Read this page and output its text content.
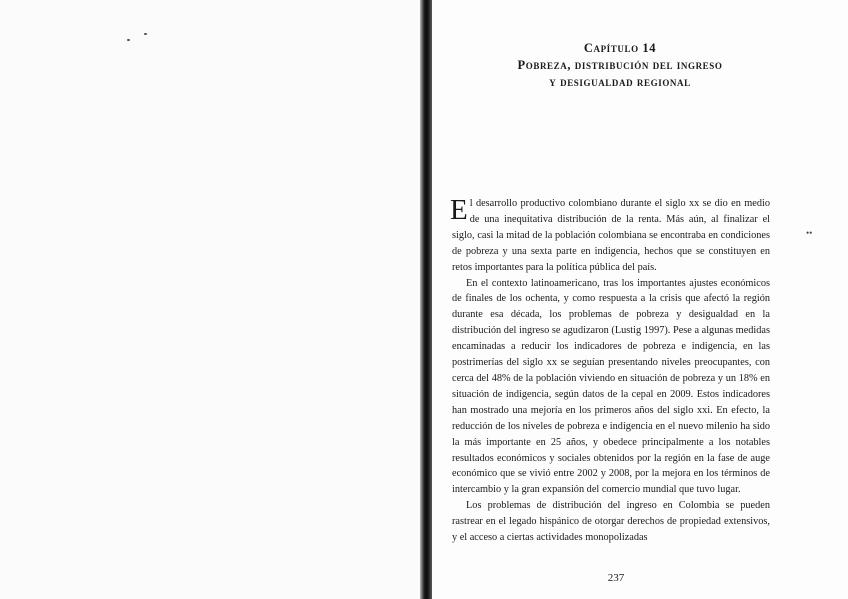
Capítulo 14
Pobreza, distribución del ingreso
y desigualdad regional

El desarrollo productivo colombiano durante el siglo xx se dio en medio de una inequitativa distribución de la renta. Más aún, al finalizar el siglo, casi la mitad de la población colombiana se encontraba en condiciones de pobreza y una sexta parte en indigencia, hechos que se constituyen en retos importantes para la política pública del país.

En el contexto latinoamericano, tras los importantes ajustes económicos de finales de los ochenta, y como respuesta a la crisis que afectó la región durante esa década, los problemas de pobreza y desigualdad en la distribución del ingreso se agudizaron (Lustig 1997). Pese a algunas medidas encaminadas a reducir los indicadores de pobreza e indigencia, en las postrimerías del siglo xx se seguían presentando niveles preocupantes, con cerca del 48% de la población viviendo en situación de pobreza y un 18% en situación de indigencia, según datos de la cepal en 2009. Estos indicadores han mostrado una mejoría en los primeros años del siglo xxi. En efecto, la reducción de los niveles de pobreza e indigencia en el nuevo milenio ha sido la más importante en 25 años, y obedece principalmente a los notables resultados económicos y sociales obtenidos por la región en la fase de auge económico que se vivió entre 2002 y 2008, por la mejora en los términos de intercambio y la gran expansión del comercio mundial que tuvo lugar.

Los problemas de distribución del ingreso en Colombia se pueden rastrear en el legado hispánico de otorgar derechos de propiedad extensivos, y el acceso a ciertas actividades monopolizadas

••
237
